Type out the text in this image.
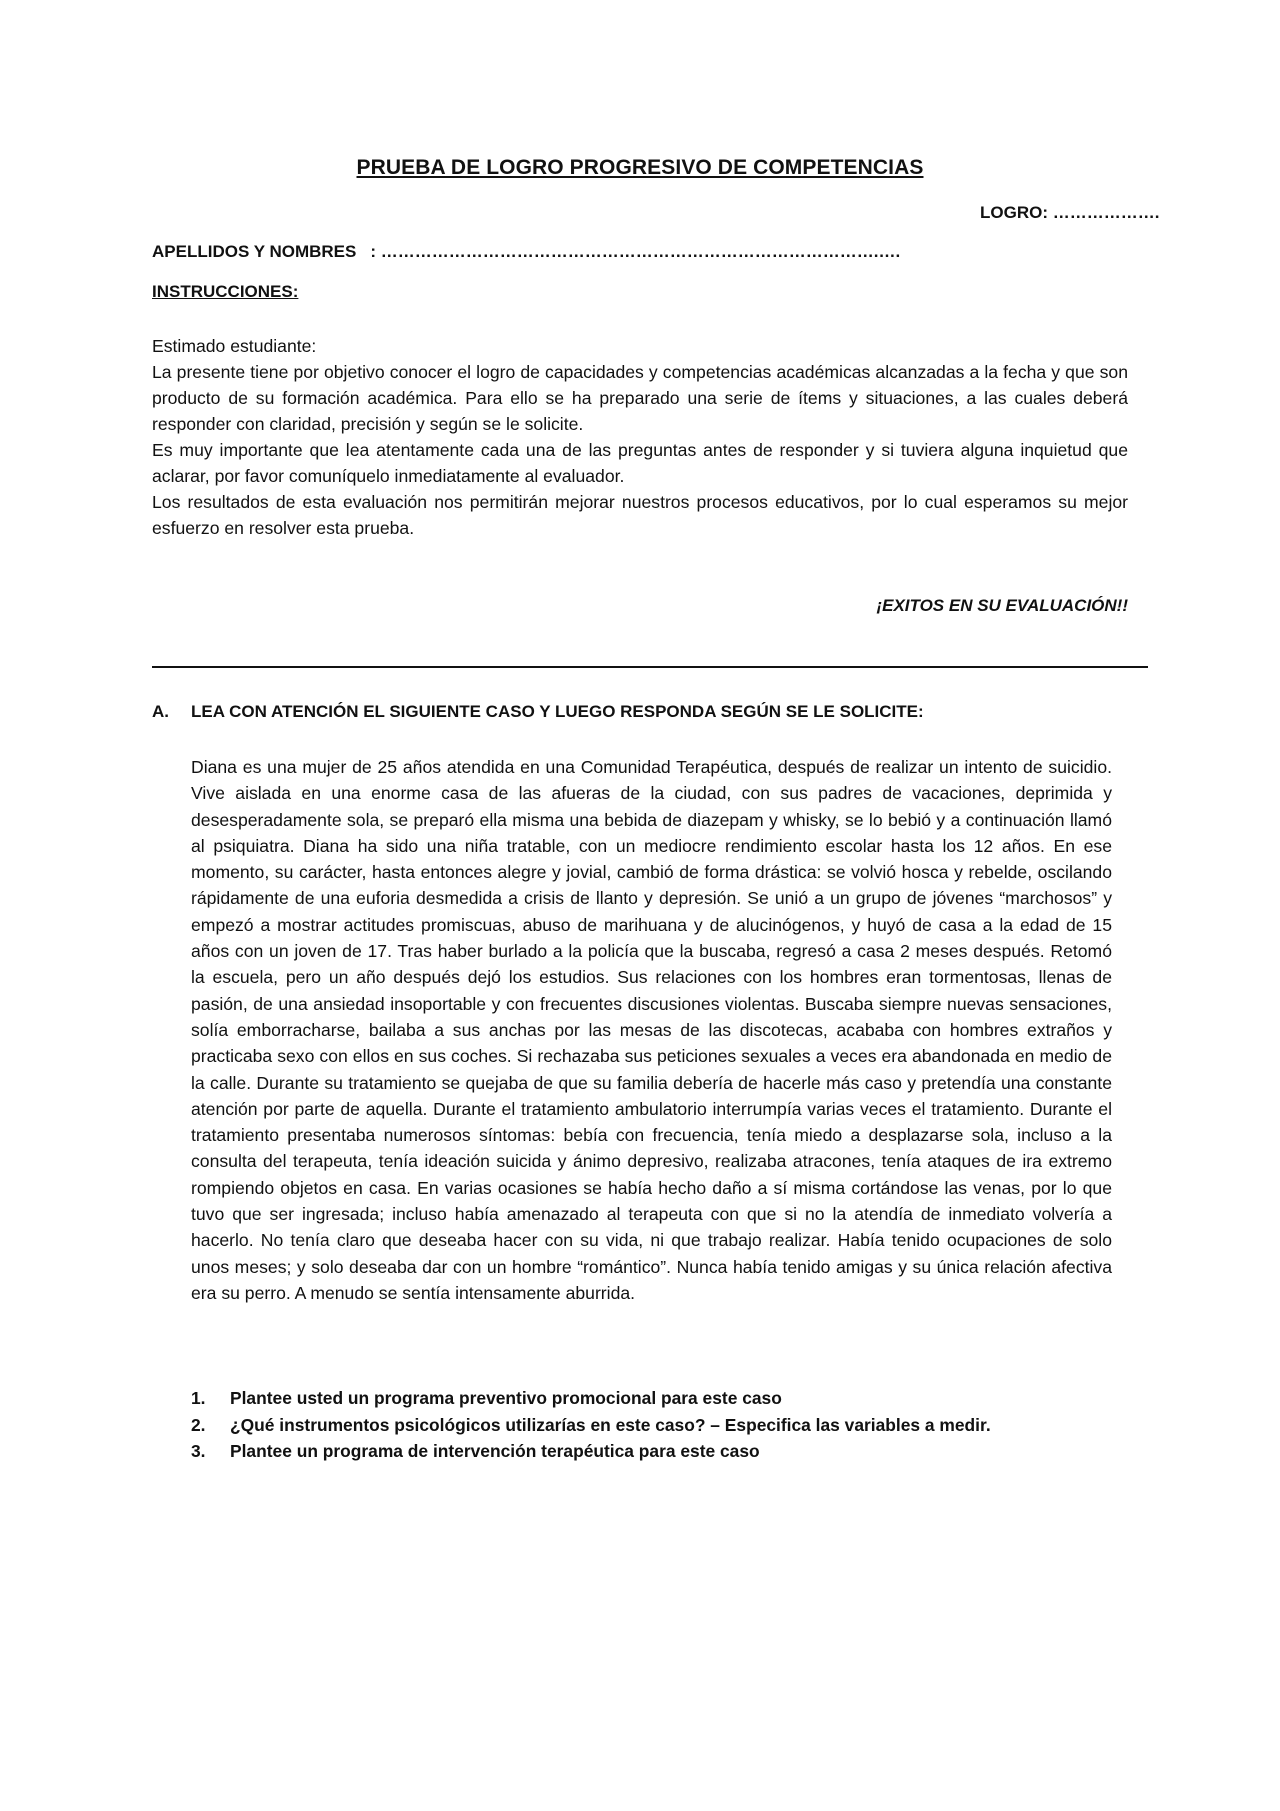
PRUEBA DE LOGRO PROGRESIVO DE COMPETENCIAS
LOGRO: ……………….
APELLIDOS Y NOMBRES : …………………………………………………………………………….….
INSTRUCCIONES:

Estimado estudiante:

La presente tiene por objetivo conocer el logro de capacidades y competencias académicas alcanzadas a la fecha y que son producto de su formación académica. Para ello se ha preparado una serie de ítems y situaciones, a las cuales deberá responder con claridad, precisión y según se le solicite.

Es muy importante que lea atentamente cada una de las preguntas antes de responder y si tuviera alguna inquietud que aclarar, por favor comuníquelo inmediatamente al evaluador.

Los resultados de esta evaluación nos permitirán mejorar nuestros procesos educativos, por lo cual esperamos su mejor esfuerzo en resolver esta prueba.

¡EXITOS EN SU EVALUACIÓN!!
A. LEA CON ATENCIÓN EL SIGUIENTE CASO Y LUEGO RESPONDA SEGÚN SE LE SOLICITE:
Diana es una mujer de 25 años atendida en una Comunidad Terapéutica, después de realizar un intento de suicidio. Vive aislada en una enorme casa de las afueras de la ciudad, con sus padres de vacaciones, deprimida y desesperadamente sola, se preparó ella misma una bebida de diazepam y whisky, se lo bebió y a continuación llamó al psiquiatra. Diana ha sido una niña tratable, con un mediocre rendimiento escolar hasta los 12 años. En ese momento, su carácter, hasta entonces alegre y jovial, cambió de forma drástica: se volvió hosca y rebelde, oscilando rápidamente de una euforia desmedida a crisis de llanto y depresión. Se unió a un grupo de jóvenes “marchosos” y empezó a mostrar actitudes promiscuas, abuso de marihuana y de alucinógenos, y huyó de casa a la edad de 15 años con un joven de 17. Tras haber burlado a la policía que la buscaba, regresó a casa 2 meses después. Retomó la escuela, pero un año después dejó los estudios. Sus relaciones con los hombres eran tormentosas, llenas de pasión, de una ansiedad insoportable y con frecuentes discusiones violentas. Buscaba siempre nuevas sensaciones, solía emborracharse, bailaba a sus anchas por las mesas de las discotecas, acababa con hombres extraños y practicaba sexo con ellos en sus coches. Si rechazaba sus peticiones sexuales a veces era abandonada en medio de la calle. Durante su tratamiento se quejaba de que su familia debería de hacerle más caso y pretendía una constante atención por parte de aquella. Durante el tratamiento ambulatorio interrumpía varias veces el tratamiento. Durante el tratamiento presentaba numerosos síntomas: bebía con frecuencia, tenía miedo a desplazarse sola, incluso a la consulta del terapeuta, tenía ideación suicida y ánimo depresivo, realizaba atracones, tenía ataques de ira extremo rompiendo objetos en casa. En varias ocasiones se había hecho daño a sí misma cortándose las venas, por lo que tuvo que ser ingresada; incluso había amenazado al terapeuta con que si no la atendía de inmediato volvería a hacerlo. No tenía claro que deseaba hacer con su vida, ni que trabajo realizar. Había tenido ocupaciones de solo unos meses; y solo deseaba dar con un hombre “romántico”. Nunca había tenido amigas y su única relación afectiva era su perro. A menudo se sentía intensamente aburrida.
1. Plantee usted un programa preventivo promocional para este caso
2. ¿Qué instrumentos psicológicos utilizarías en este caso? – Especifica las variables a medir.
3. Plantee un programa de intervención terapéutica para este caso
